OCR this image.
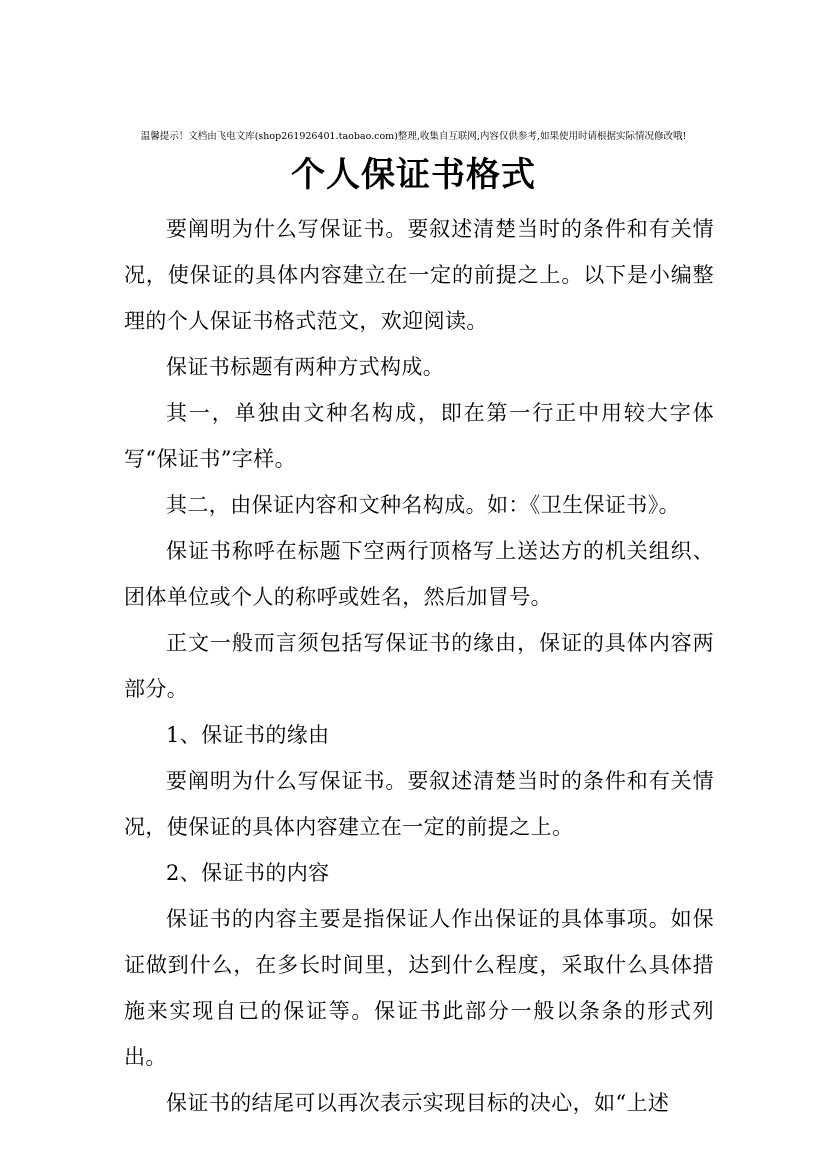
温馨提示！文档由飞电文库(shop261926401.taobao.com)整理,收集自互联网,内容仅供参考,如果使用时请根据实际情况修改哦!
个人保证书格式

要阐明为什么写保证书。要叙述清楚当时的条件和有关情况，使保证的具体内容建立在一定的前提之上。以下是小编整理的个人保证书格式范文，欢迎阅读。

保证书标题有两种方式构成。

其一，单独由文种名构成，即在第一行正中用较大字体写“保证书”字样。

其二，由保证内容和文种名构成。如：《卫生保证书》。

保证书称呼在标题下空两行顶格写上送达方的机关组织、团体单位或个人的称呼或姓名，然后加冒号。

正文一般而言须包括写保证书的缘由，保证的具体内容两部分。

1、保证书的缘由

要阐明为什么写保证书。要叙述清楚当时的条件和有关情况，使保证的具体内容建立在一定的前提之上。

2、保证书的内容

保证书的内容主要是指保证人作出保证的具体事项。如保证做到什么，在多长时间里，达到什么程度，采取什么具体措施来实现自已的保证等。保证书此部分一般以条条的形式列出。

保证书的结尾可以再次表示实现目标的决心，如“上述
